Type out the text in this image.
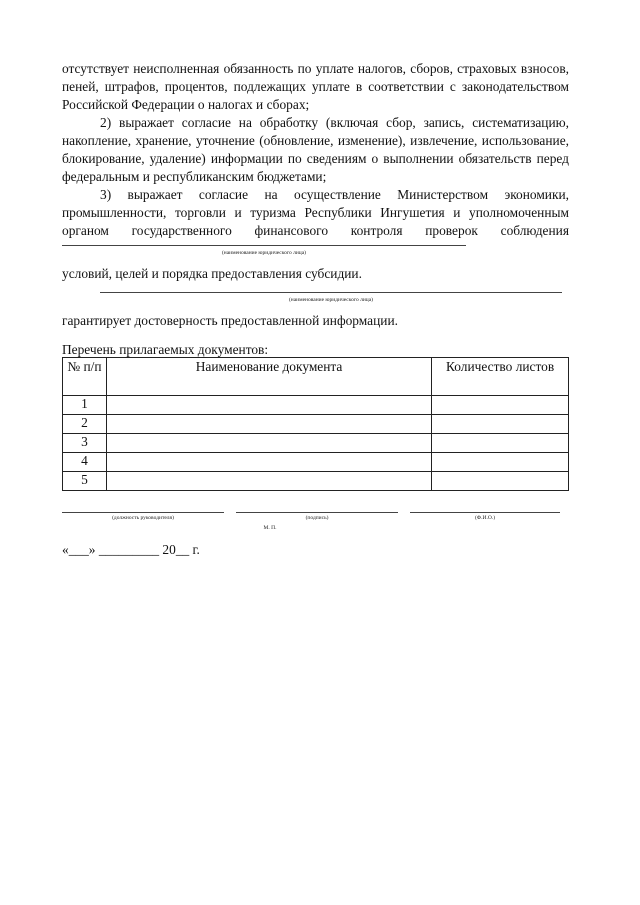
отсутствует неисполненная обязанность по уплате налогов, сборов, страховых взносов, пеней, штрафов, процентов, подлежащих уплате в соответствии с законодательством Российской Федерации о налогах и сборах;

2) выражает согласие на обработку (включая сбор, запись, систематизацию, накопление, хранение, уточнение (обновление, изменение), извлечение, использование, блокирование, удаление) информации по сведениям о выполнении обязательств перед федеральным и республиканским бюджетами;

3) выражает согласие на осуществление Министерством экономики, промышленности, торговли и туризма Республики Ингушетия и уполномоченным органом государственного финансового контроля проверок соблюдения

(наименование юридического лица)
условий, целей и порядка предоставления субсидии.
(наименование юридического лица)
гарантирует достоверность предоставленной информации.
Перечень прилагаемых документов:
№ п/п	Наименование документа	Количество листов
1		
2		
3		
4		
5		
(должность руководителя)	(подпись)	(Ф.И.О.)
М. П.
«___» _________ 20__ г.
